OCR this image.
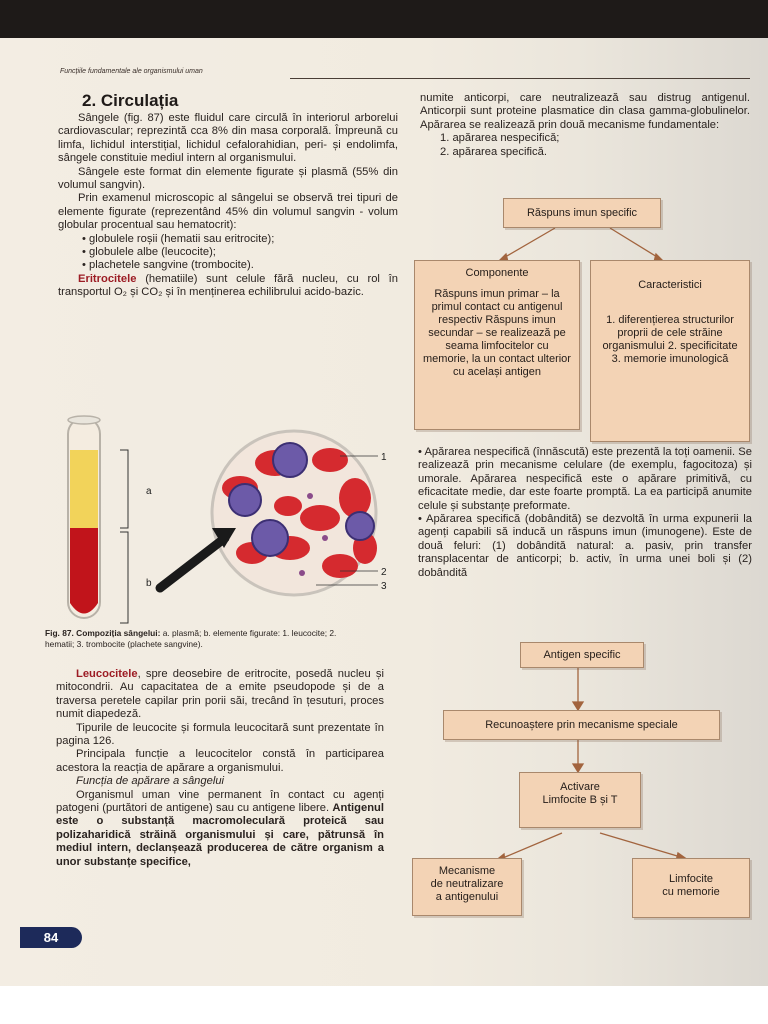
Funcțiile fundamentale ale organismului uman
2. Circulația

Sângele (fig. 87) este fluidul care circulă în interiorul arborelui cardiovascular; reprezintă cca 8% din masa corporală. Împreună cu limfa, lichidul interstițial, lichidul cefalorahidian, peri- și endolimfa, sângele constituie mediul intern al organismului.

Sângele este format din elemente figurate și plasmă (55% din volumul sangvin).

Prin examenul microscopic al sângelui se observă trei tipuri de elemente figurate (reprezentând 45% din volumul sangvin - volum globular procentual sau hematocrit):

• globulele roșii (hematii sau eritrocite);
• globulele albe (leucocite);
• plachetele sangvine (trombocite).

Eritrocitele (hematiile) sunt celule fără nucleu, cu rol în transportul O₂ și CO₂ și în menținerea echilibrului acido-bazic.

a
b
1
2
3
Fig. 87. Compoziția sângelui: a. plasmă; b. elemente figurate: 1. leucocite; 2. hematii; 3. trombocite (plachete sangvine).

Leucocitele, spre deosebire de eritrocite, posedă nucleu și mitocondrii. Au capacitatea de a emite pseudopode și de a traversa peretele capilar prin porii săi, trecând în țesuturi, proces numit diapedeză.

Tipurile de leucocite și formula leucocitară sunt prezentate în pagina 126.

Principala funcție a leucocitelor constă în participarea acestora la reacția de apărare a organismului.

Funcția de apărare a sângelui

Organismul uman vine permanent în contact cu agenți patogeni (purtători de antigene) sau cu antigene libere. Antigenul este o substanță macromoleculară proteică sau polizaharidică străină organismului și care, pătrunsă în mediul intern, declanșează producerea de către organism a unor substanțe specifice,

numite anticorpi, care neutralizează sau distrug antigenul. Anticorpii sunt proteine plasmatice din clasa gamma-globulinelor. Apărarea se realizează prin două mecanisme fundamentale:

1. apărarea nespecifică;
2. apărarea specifică.
Răspuns imun specific
Componente
Răspuns imun primar – la primul contact cu antigenul respectiv Răspuns imun secundar – se realizează pe seama limfocitelor cu memorie, la un contact ulterior cu același antigen
Caracteristici
1. diferențierea structurilor proprii de cele străine organismului 2. specificitate 3. memorie imunologică

• Apărarea nespecifică (înnăscută) este prezentă la toți oamenii. Se realizează prin mecanisme celulare (de exemplu, fagocitoza) și umorale. Apărarea nespecifică este o apărare primitivă, cu eficacitate medie, dar este foarte promptă. La ea participă anumite celule și substanțe preformate.

• Apărarea specifică (dobândită) se dezvoltă în urma expunerii la agenți capabili să inducă un răspuns imun (imunogene). Este de două feluri: (1) dobândită natural: a. pasiv, prin transfer transplacentar de anticorpi; b. activ, în urma unei boli și (2) dobândită

Antigen specific
Recunoaștere prin mecanisme speciale
Activare
Limfocite B și T
Mecanisme
de neutralizare
a antigenului
Limfocite
cu memorie
84
